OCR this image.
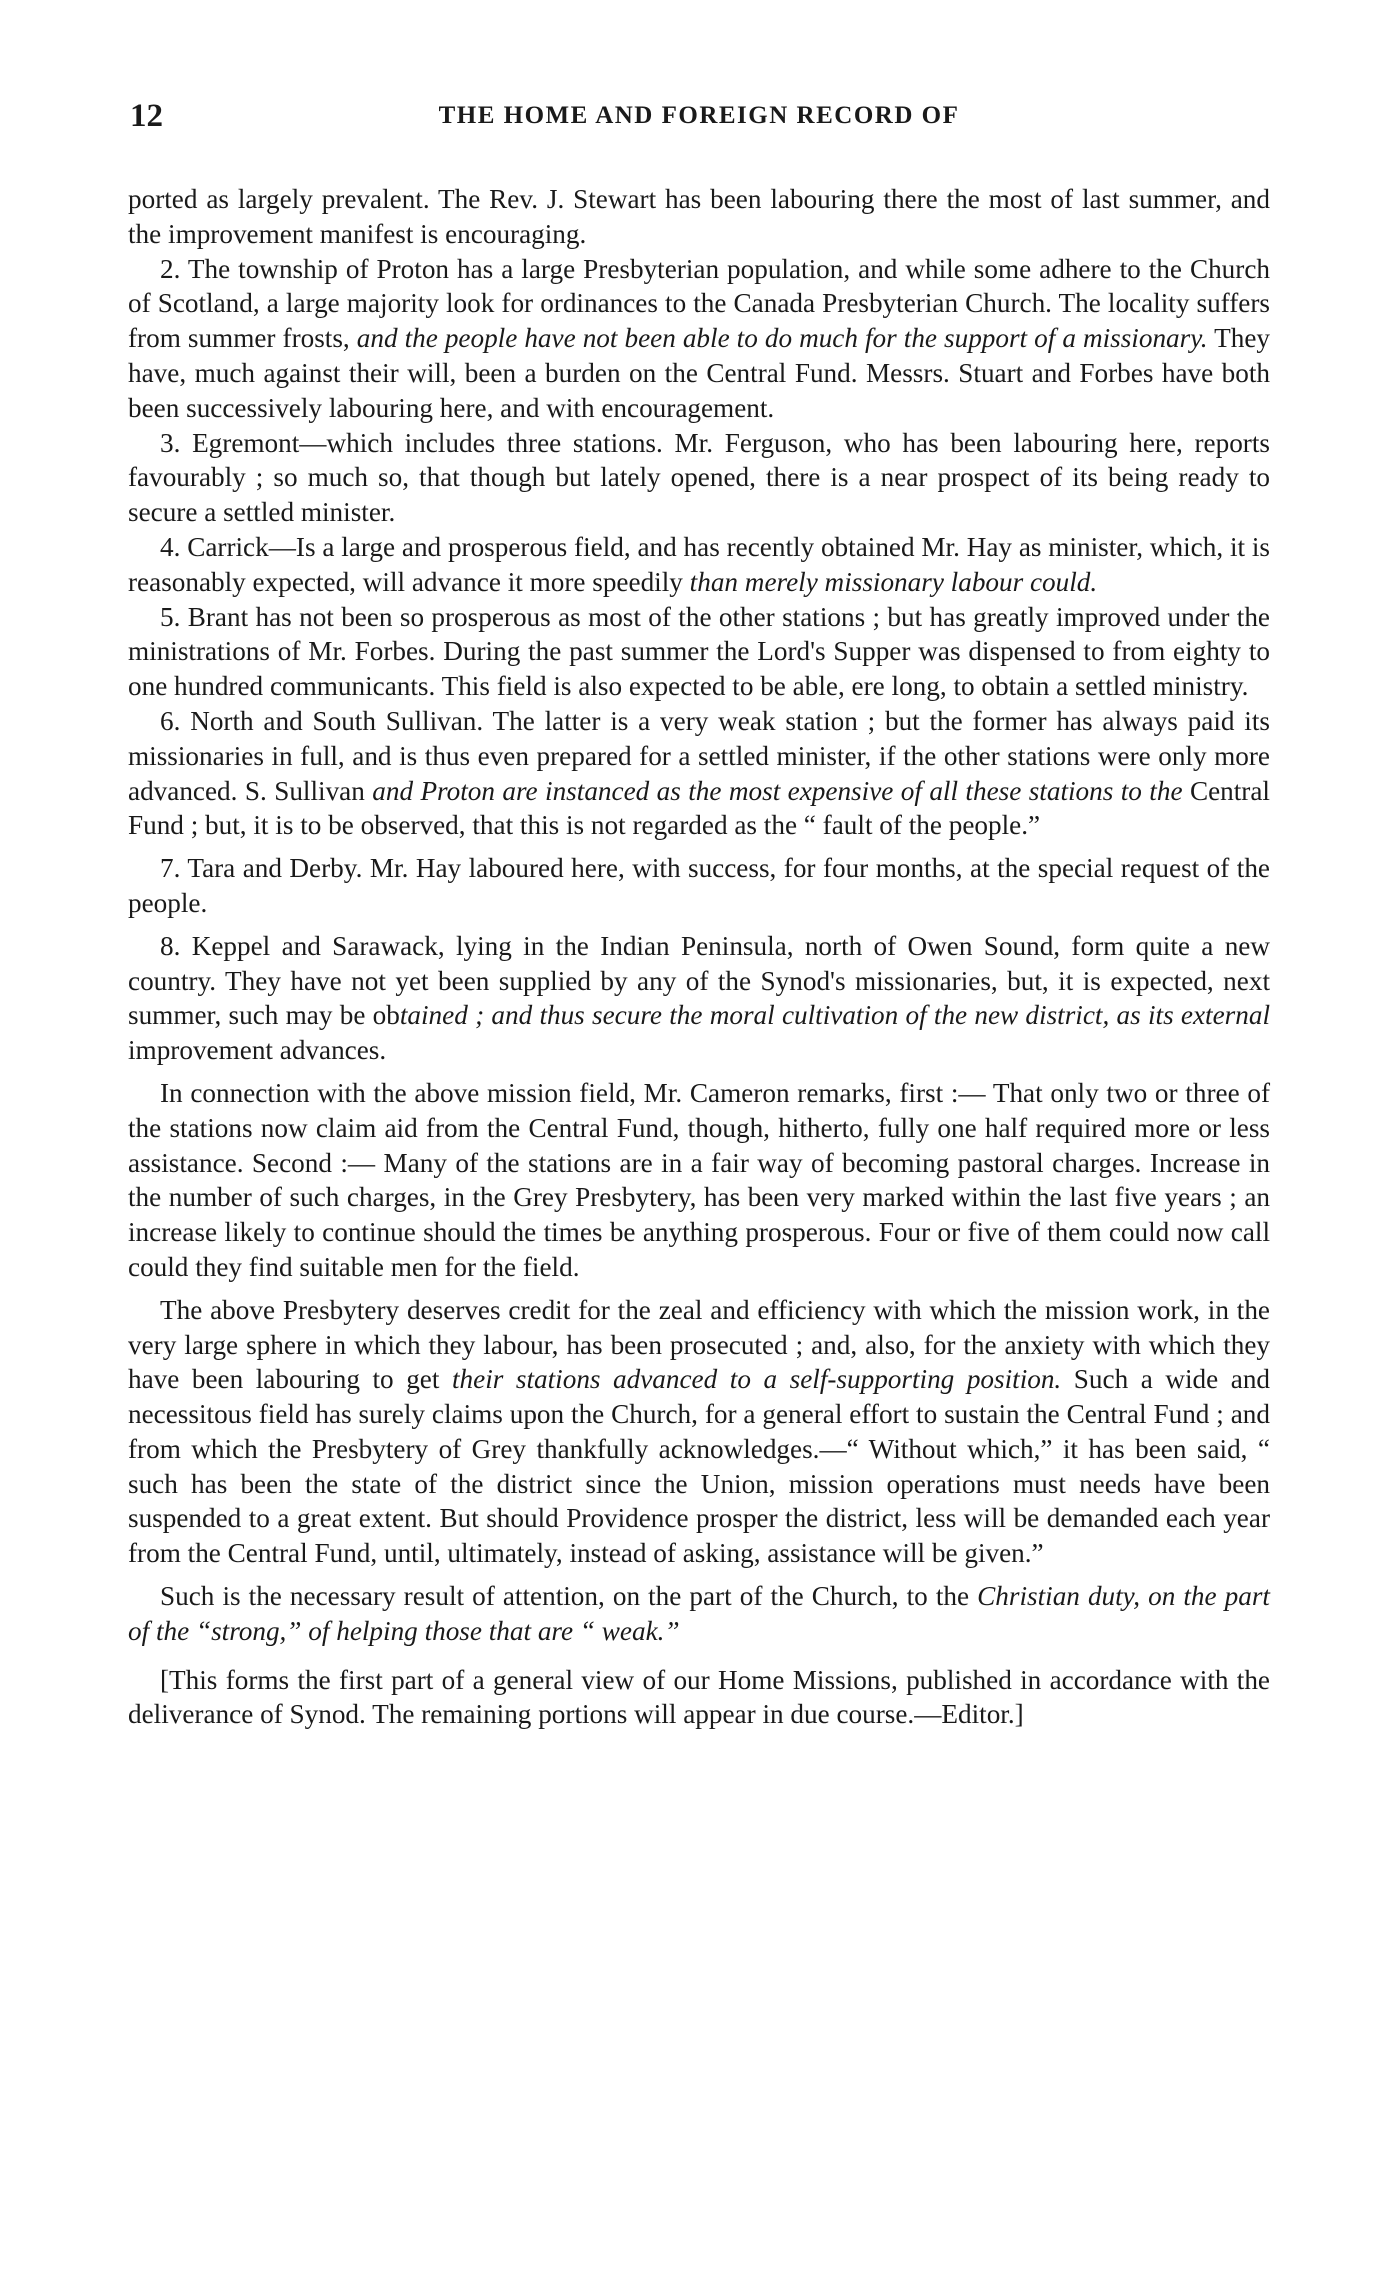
12	THE HOME AND FOREIGN RECORD OF

ported as largely prevalent. The Rev. J. Stewart has been labouring there the most of last summer, and the improvement manifest is encouraging.

2. The township of Proton has a large Presbyterian population, and while some adhere to the Church of Scotland, a large majority look for ordinances to the Canada Presbyterian Church. The locality suffers from summer frosts, and the people have not been able to do much for the support of a missionary. They have, much against their will, been a burden on the Central Fund. Messrs. Stuart and Forbes have both been successively labouring here, and with encouragement.

3. Egremont—which includes three stations. Mr. Ferguson, who has been labouring here, reports favourably ; so much so, that though but lately opened, there is a near prospect of its being ready to secure a settled minister.

4. Carrick—Is a large and prosperous field, and has recently obtained Mr. Hay as minister, which, it is reasonably expected, will advance it more speedily than merely missionary labour could.

5. Brant has not been so prosperous as most of the other stations ; but has greatly improved under the ministrations of Mr. Forbes. During the past summer the Lord's Supper was dispensed to from eighty to one hundred communicants. This field is also expected to be able, ere long, to obtain a settled ministry.

6. North and South Sullivan. The latter is a very weak station ; but the former has always paid its missionaries in full, and is thus even prepared for a settled minister, if the other stations were only more advanced. S. Sullivan and Proton are instanced as the most expensive of all these stations to the Central Fund ; but, it is to be observed, that this is not regarded as the “ fault of the people.”

7. Tara and Derby. Mr. Hay laboured here, with success, for four months, at the special request of the people.

8. Keppel and Sarawack, lying in the Indian Peninsula, north of Owen Sound, form quite a new country. They have not yet been supplied by any of the Synod's missionaries, but, it is expected, next summer, such may be obtained ; and thus secure the moral cultivation of the new district, as its external improvement advances.

In connection with the above mission field, Mr. Cameron remarks, first :— That only two or three of the stations now claim aid from the Central Fund, though, hitherto, fully one half required more or less assistance. Second :— Many of the stations are in a fair way of becoming pastoral charges. Increase in the number of such charges, in the Grey Presbytery, has been very marked within the last five years ; an increase likely to continue should the times be anything prosperous. Four or five of them could now call could they find suitable men for the field.

The above Presbytery deserves credit for the zeal and efficiency with which the mission work, in the very large sphere in which they labour, has been prosecuted ; and, also, for the anxiety with which they have been labouring to get their stations advanced to a self-supporting position. Such a wide and necessitous field has surely claims upon the Church, for a general effort to sustain the Central Fund ; and from which the Presbytery of Grey thankfully acknowledges.—“ Without which,” it has been said, “ such has been the state of the district since the Union, mission operations must needs have been suspended to a great extent. But should Providence prosper the district, less will be demanded each year from the Central Fund, until, ultimately, instead of asking, assistance will be given.”

Such is the necessary result of attention, on the part of the Church, to the Christian duty, on the part of the “strong,” of helping those that are “ weak.”

[This forms the first part of a general view of our Home Missions, published in accordance with the deliverance of Synod. The remaining portions will appear in due course.—Editor.]
